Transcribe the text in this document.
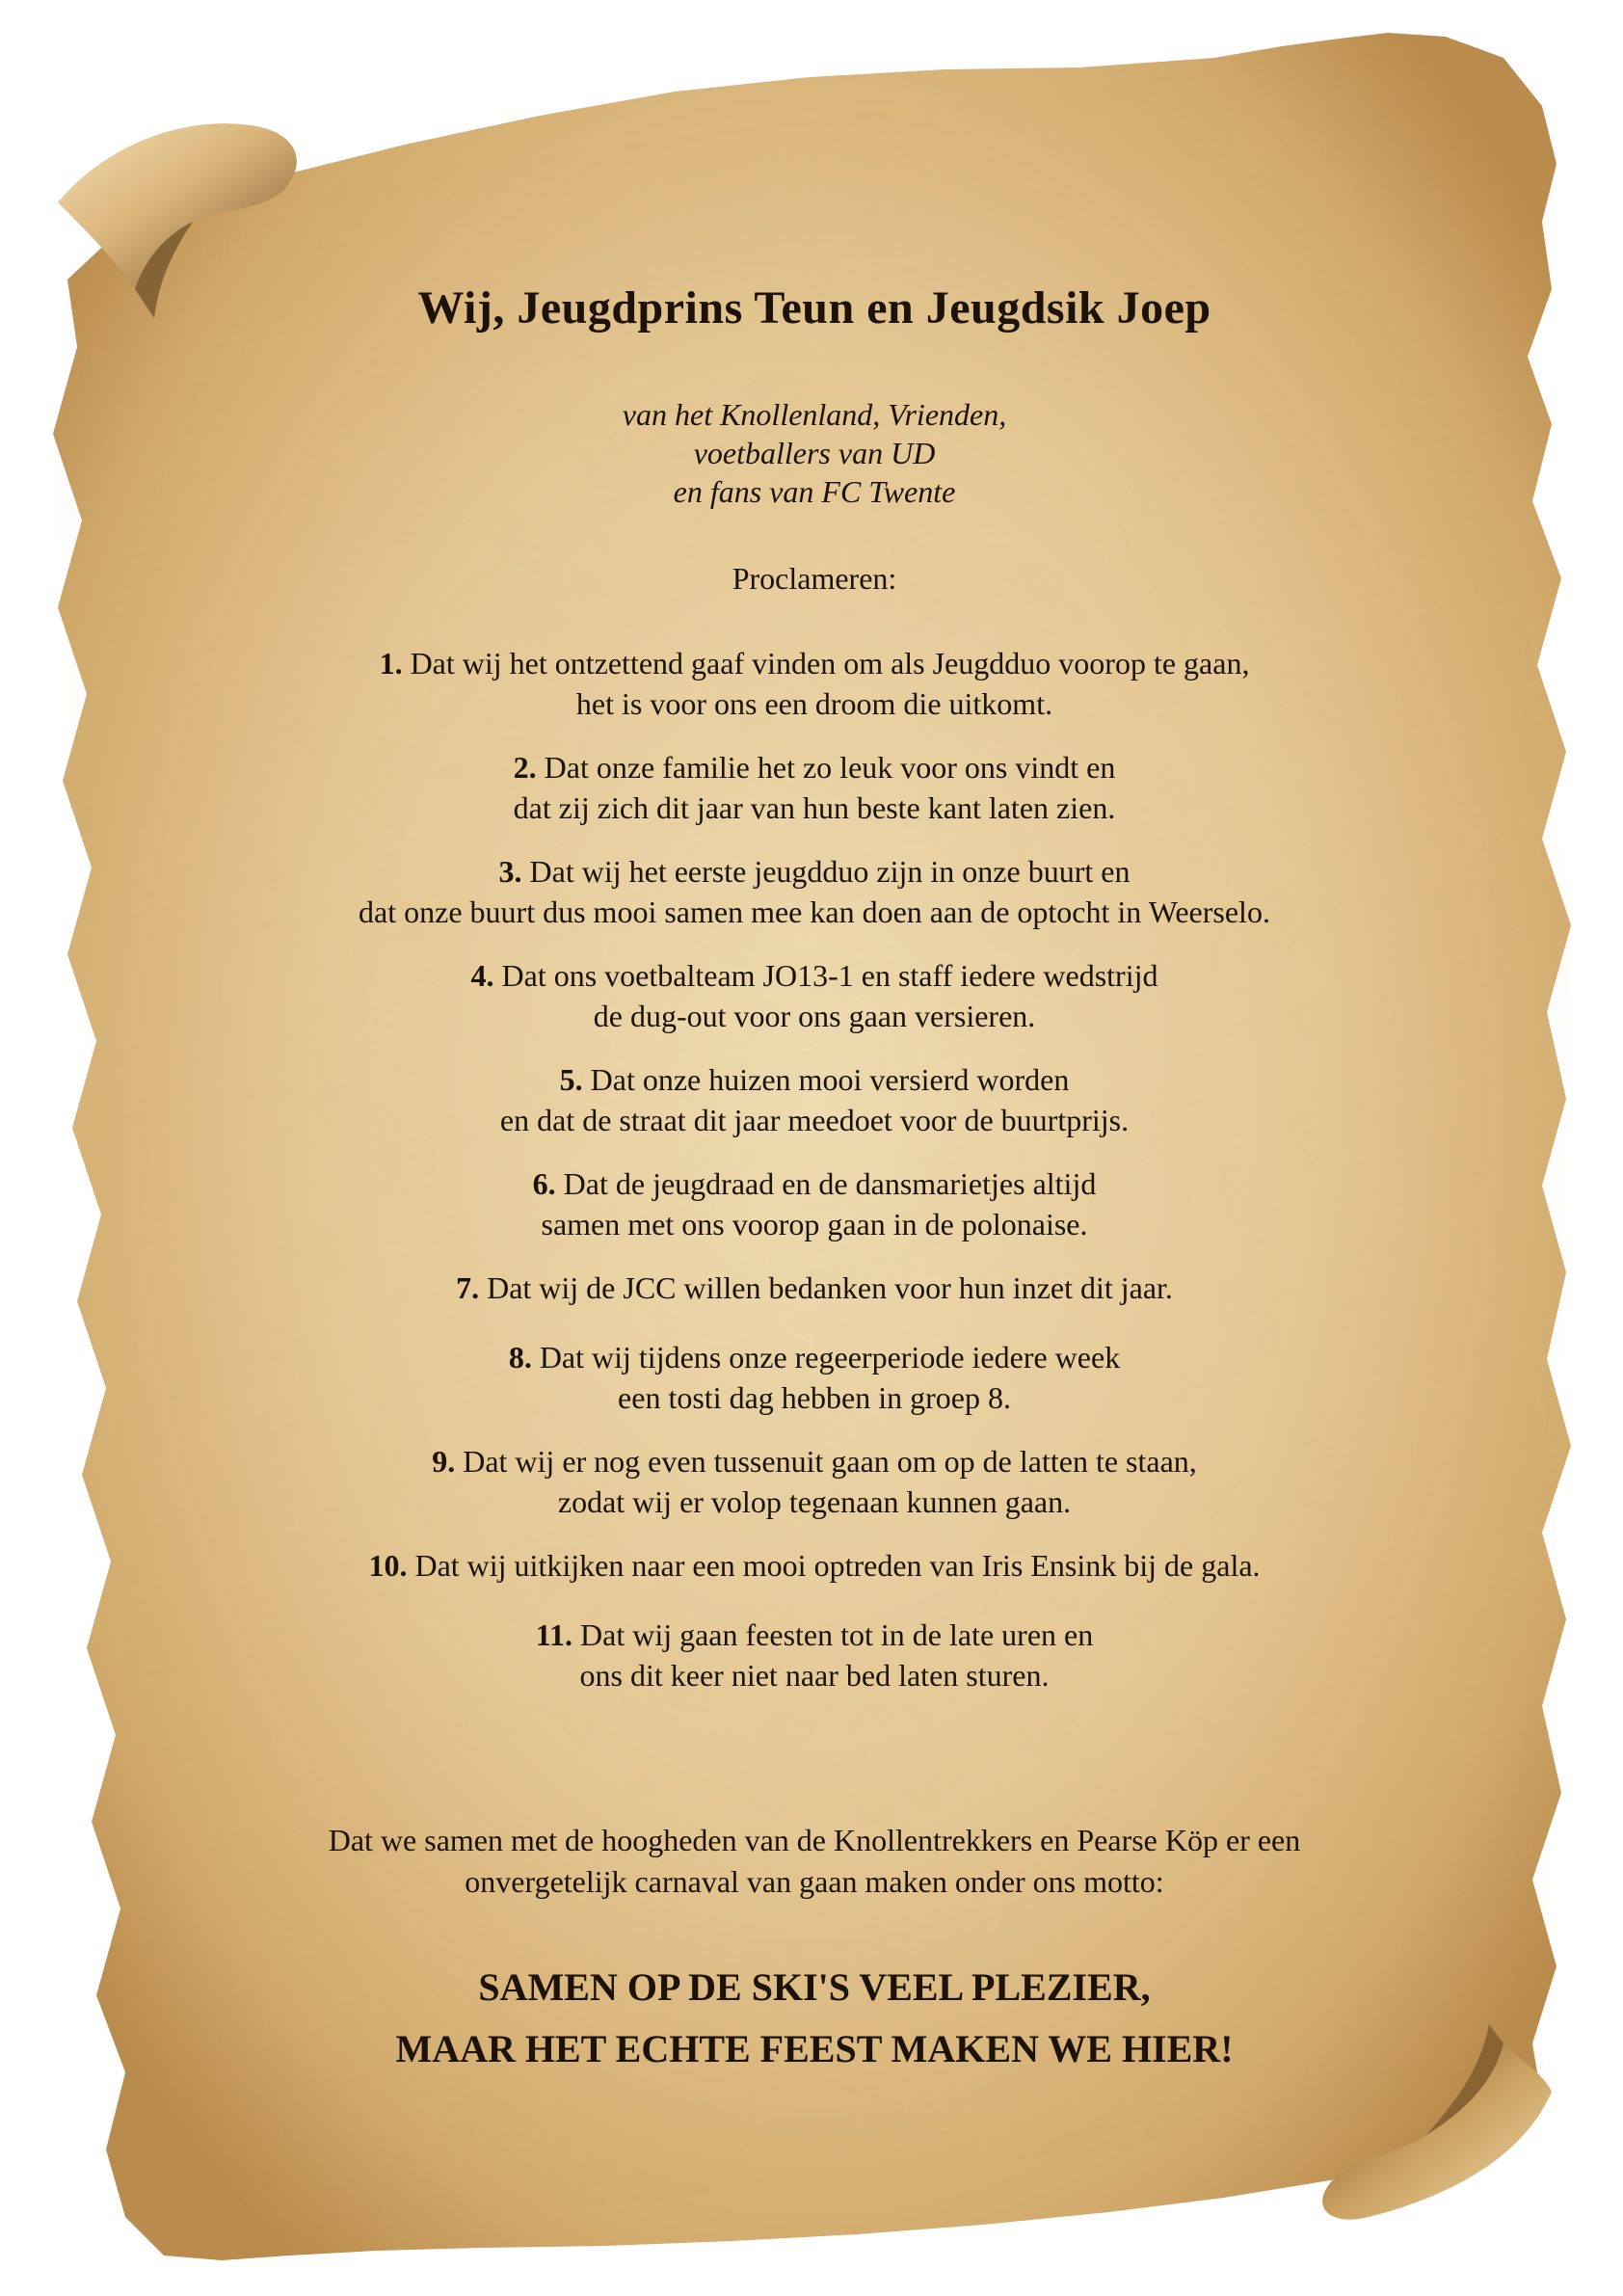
Wij, Jeugdprins Teun en Jeugdsik Joep
van het Knollenland, Vrienden,
voetballers van UD
en fans van FC Twente
Proclameren:
1. Dat wij het ontzettend gaaf vinden om als Jeugdduo voorop te gaan,
het is voor ons een droom die uitkomt.
2. Dat onze familie het zo leuk voor ons vindt en
dat zij zich dit jaar van hun beste kant laten zien.
3. Dat wij het eerste jeugdduo zijn in onze buurt en
dat onze buurt dus mooi samen mee kan doen aan de optocht in Weerselo.
4. Dat ons voetbalteam JO13-1 en staff iedere wedstrijd
de dug-out voor ons gaan versieren.
5. Dat onze huizen mooi versierd worden
en dat de straat dit jaar meedoet voor de buurtprijs.
6. Dat de jeugdraad en de dansmarietjes altijd
samen met ons voorop gaan in de polonaise.
7. Dat wij de JCC willen bedanken voor hun inzet dit jaar.
8. Dat wij tijdens onze regeerperiode iedere week
een tosti dag hebben in groep 8.
9. Dat wij er nog even tussenuit gaan om op de latten te staan,
zodat wij er volop tegenaan kunnen gaan.
10. Dat wij uitkijken naar een mooi optreden van Iris Ensink bij de gala.
11. Dat wij gaan feesten tot in de late uren en
ons dit keer niet naar bed laten sturen.
Dat we samen met de hoogheden van de Knollentrekkers en Pearse Köp er een
onvergetelijk carnaval van gaan maken onder ons motto:
SAMEN OP DE SKI'S VEEL PLEZIER,
MAAR HET ECHTE FEEST MAKEN WE HIER!
